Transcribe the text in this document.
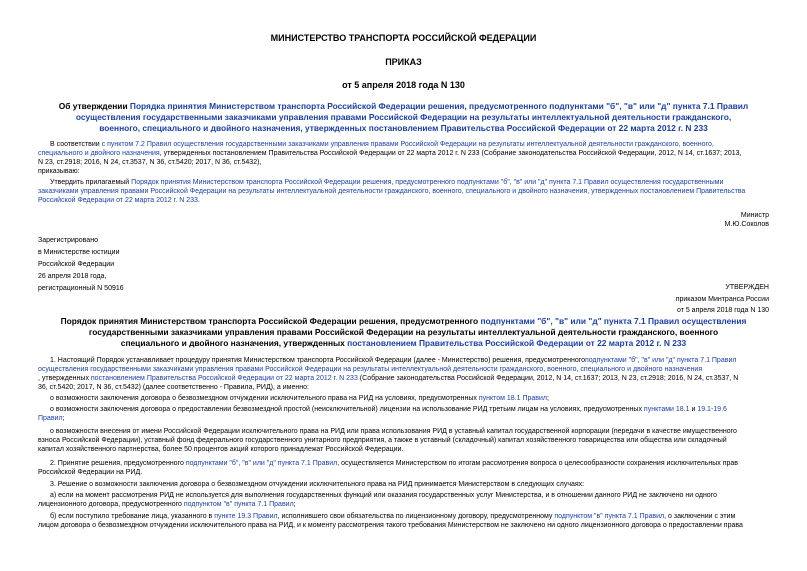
МИНИСТЕРСТВО ТРАНСПОРТА РОССИЙСКОЙ ФЕДЕРАЦИИ
ПРИКАЗ
от 5 апреля 2018 года N 130
Об утверждении Порядка принятия Министерством транспорта Российской Федерации решения, предусмотренного подпунктами "б", "в" или "д" пункта 7.1 Правил
осуществления государственными заказчиками управления правами Российской Федерации на результаты интеллектуальной деятельности гражданского,
военного, специального и двойного назначения, утвержденных постановлением Правительства Российской Федерации от 22 марта 2012 г. N 233
В соответствии с пунктом 7.2 Правил осуществления государственными заказчиками управления правами Российской Федерации на результаты интеллектуальной деятельности гражданского, военного,
специального и двойного назначения, утвержденных постановлением Правительства Российской Федерации от 22 марта 2012 г. N 233 (Собрание законодательства Российской Федерации, 2012, N 14, ст.1637; 2013,
N 23, ст.2918; 2016, N 24, ст.3537, N 36, ст.5420; 2017, N 36, ст.5432),
приказываю:
Утвердить прилагаемый Порядок принятия Министерством транспорта Российской Федерации решения, предусмотренного подпунктами "б", "в" или "д" пункта 7.1 Правил осуществления государственными
заказчиками управления правами Российской Федерации на результаты интеллектуальной деятельности гражданского, военного, специального и двойного назначения, утвержденных постановлением Правительства
Российской Федерации от 22 марта 2012 г. N 233.
Министр
М.Ю.Соколов
Зарегистрировано
в Министерстве юстиции
Российской Федерации
26 апреля 2018 года,
регистрационный N 50916	УТВЕРЖДЕН
приказом Минтранса России
от 5 апреля 2018 года N 130
Порядок принятия Министерством транспорта Российской Федерации решения, предусмотренного подпунктами "б", "в" или "д" пункта 7.1 Правил осуществления
государственными заказчиками управления правами Российской Федерации на результаты интеллектуальной деятельности гражданского, военного
специального и двойного назначения, утвержденных постановлением Правительства Российской Федерации от 22 марта 2012 г. N 233
1. Настоящий Порядок устанавливает процедуру принятия Министерством транспорта Российской Федерации (далее - Министерство) решения, предусмотренногоподпунктами "б", "в" или "д" пункта 7.1 Правил
осуществления государственными заказчиками управления правами Российской Федерации на результаты интеллектуальной деятельности гражданского, военного, специального и двойного назначения
, утвержденных постановлением Правительства Российской Федерации от 22 марта 2012 г. N 233 (Собрание законодательства Российской Федерации, 2012, N 14, ст.1637; 2013, N 23, ст.2918; 2016, N 24, ст.3537, N
36, ст.5420; 2017, N 36, ст.5432) (далее соответственно - Правила, РИД), а именно:
о возможности заключения договора о безвозмездном отчуждении исключительного права на РИД на условиях, предусмотренных пунктом 18.1 Правил;
о возможности заключения договора о предоставлении безвозмездной простой (неисключительной) лицензии на использование РИД третьим лицам на условиях, предусмотренных пунктами 18.1 и 19.1-19.6
Правил;
о возможности внесения от имени Российской Федерации исключительного права на РИД или права использования РИД в уставный капитал государственной корпорации (передачи в качестве имущественного
взноса Российской Федерации), уставный фонд федерального государственного унитарного предприятия, а также в уставный (складочный) капитал хозяйственного товарищества или общества или складочный
капитал хозяйственного партнерства, более 50 процентов акций которого принадлежат Российской Федерации.
2. Принятие решения, предусмотренного подпунктами "б", "в" или "д" пункта 7.1 Правил, осуществляется Министерством по итогам рассмотрения вопроса о целесообразности сохранения исключительных прав
Российской Федерации на РИД.
3. Решение о возможности заключения договора о безвозмездном отчуждении исключительного права на РИД принимается Министерством в следующих случаях:
а) если на момент рассмотрения РИД не используется для выполнения государственных функций или оказания государственных услуг Министерства, и в отношении данного РИД не заключено ни одного
лицензионного договора, предусмотренного подпунктом "в" пункта 7.1 Правил;
б) если поступило требование лица, указанного в пункте 19.3 Правил, исполнившего свои обязательства по лицензионному договору, предусмотренному подпунктом "в" пункта 7.1 Правил, о заключении с этим
лицом договора о безвозмездном отчуждении исключительного права на РИД, и к моменту рассмотрения такого требования Министерством не заключено ни одного лицензионного договора о предоставлении права
